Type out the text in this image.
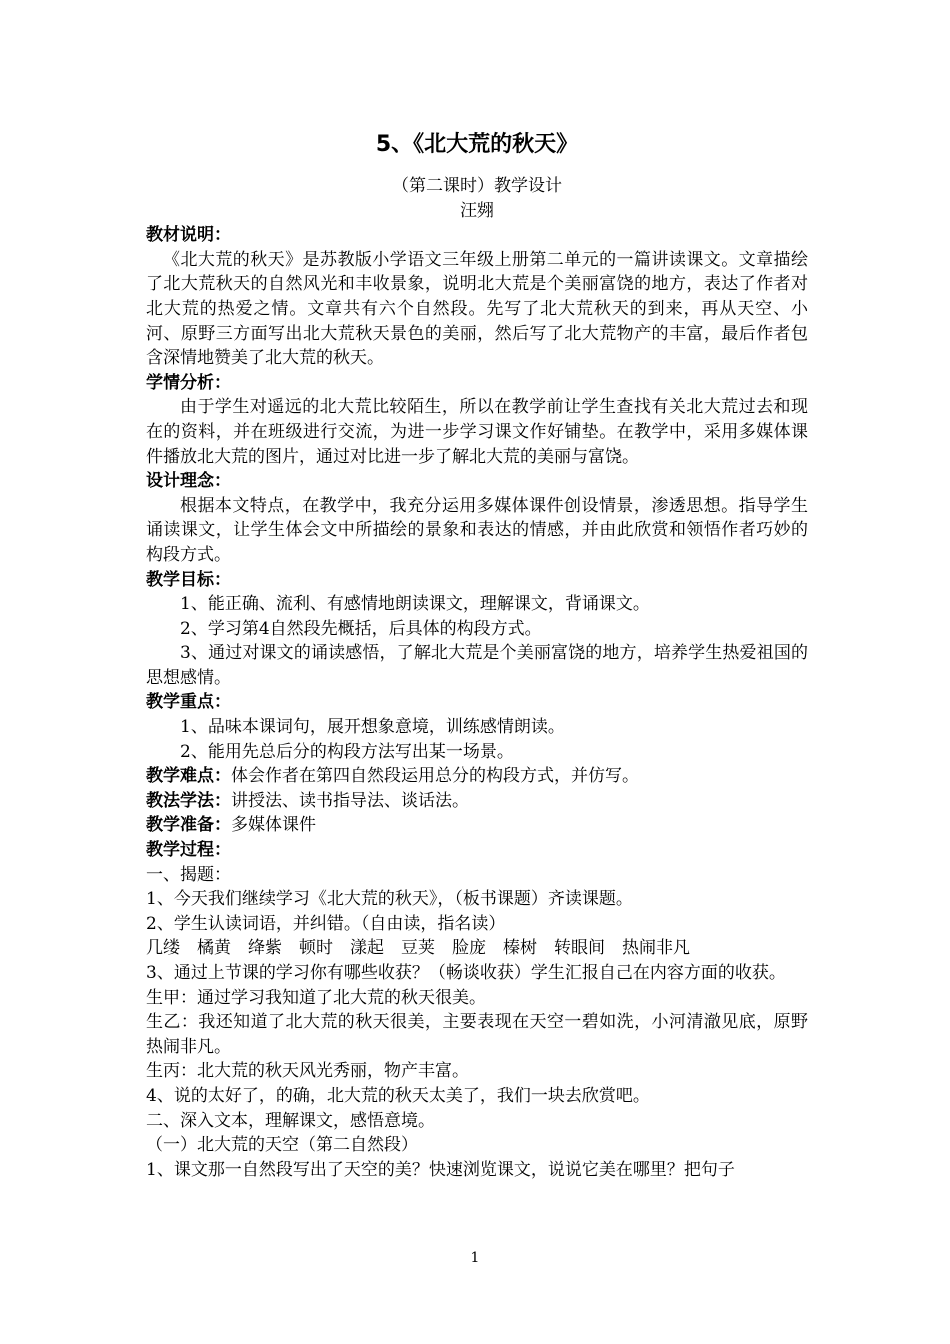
5、《北大荒的秋天》

（第二课时）教学设计

汪翙

教材说明：

《北大荒的秋天》是苏教版小学语文三年级上册第二单元的一篇讲读课文。文章描绘了北大荒秋天的自然风光和丰收景象，说明北大荒是个美丽富饶的地方，表达了作者对北大荒的热爱之情。文章共有六个自然段。先写了北大荒秋天的到来，再从天空、小河、原野三方面写出北大荒秋天景色的美丽，然后写了北大荒物产的丰富，最后作者包含深情地赞美了北大荒的秋天。

学情分析：

由于学生对遥远的北大荒比较陌生，所以在教学前让学生查找有关北大荒过去和现在的资料，并在班级进行交流，为进一步学习课文作好铺垫。在教学中，采用多媒体课件播放北大荒的图片，通过对比进一步了解北大荒的美丽与富饶。

设计理念：

根据本文特点，在教学中，我充分运用多媒体课件创设情景，渗透思想。指导学生诵读课文，让学生体会文中所描绘的景象和表达的情感，并由此欣赏和领悟作者巧妙的构段方式。

教学目标：

1、能正确、流利、有感情地朗读课文，理解课文，背诵课文。

2、学习第4自然段先概括，后具体的构段方式。

3、通过对课文的诵读感悟，了解北大荒是个美丽富饶的地方，培养学生热爱祖国的思想感情。

教学重点：

1、品味本课词句，展开想象意境，训练感情朗读。

2、能用先总后分的构段方法写出某一场景。

教学难点：体会作者在第四自然段运用总分的构段方式，并仿写。

教法学法：讲授法、读书指导法、谈话法。

教学准备：多媒体课件

教学过程：

一、揭题：

1、今天我们继续学习《北大荒的秋天》，（板书课题）齐读课题。

2、学生认读词语，并纠错。（自由读，指名读）

几缕　橘黄　绛紫　顿时　漾起　豆荚　脸庞　榛树　转眼间　热闹非凡

3、通过上节课的学习你有哪些收获？（畅谈收获）学生汇报自己在内容方面的收获。

生甲：通过学习我知道了北大荒的秋天很美。

生乙：我还知道了北大荒的秋天很美，主要表现在天空一碧如洗，小河清澈见底，原野热闹非凡。

生丙：北大荒的秋天风光秀丽，物产丰富。

4、说的太好了，的确，北大荒的秋天太美了，我们一块去欣赏吧。

二、深入文本，理解课文，感悟意境。

（一）北大荒的天空（第二自然段）

1、课文那一自然段写出了天空的美？快速浏览课文，说说它美在哪里？把句子

1
